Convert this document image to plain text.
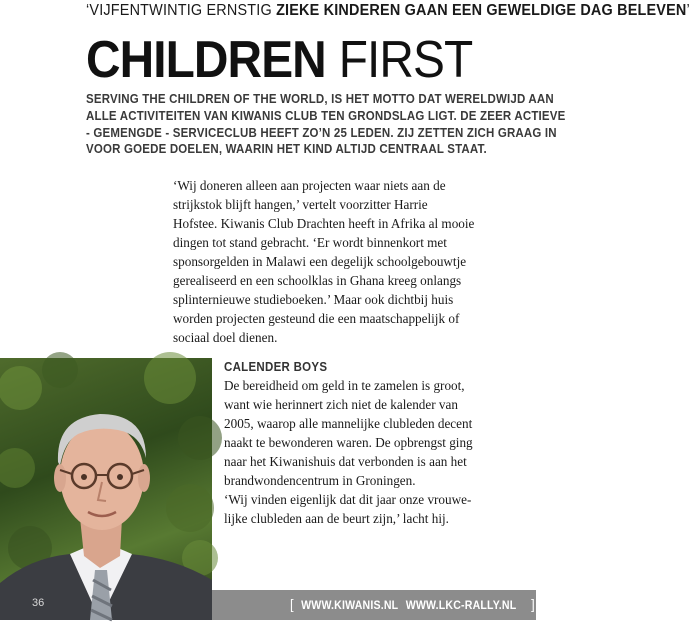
‘VIJFENTWINTIG ERNSTIG ZIEKE KINDEREN GAAN EEN GEWELDIGE DAG BELEVEN’
CHILDREN FIRST
SERVING THE CHILDREN OF THE WORLD, IS HET MOTTO DAT WERELDWIJD AAN
ALLE ACTIVITEITEN VAN KIWANIS CLUB TEN GRONDSLAG LIGT. DE ZEER ACTIEVE
- GEMENGDE - SERVICECLUB HEEFT ZO’N 25 LEDEN. ZIJ ZETTEN ZICH GRAAG IN
VOOR GOEDE DOELEN, WAARIN HET KIND ALTIJD CENTRAAL STAAT.
‘Wij doneren alleen aan projecten waar niets aan de
strijkstok blijft hangen,’ vertelt voorzitter Harrie
Hofstee. Kiwanis Club Drachten heeft in Afrika al mooie
dingen tot stand gebracht. ‘Er wordt binnenkort met
sponsorgelden in Malawi een degelijk schoolgebouwtje
gerealiseerd en een schoolklas in Ghana kreeg onlangs
splinternieuwe studieboeken.’ Maar ook dichtbij huis
worden projecten gesteund die een maatschappelijk of
sociaal doel dienen.
36
CALENDER BOYS
De bereidheid om geld in te zamelen is groot,
want wie herinnert zich niet de kalender van
2005, waarop alle mannelijke clubleden decent
naakt te bewonderen waren. De opbrengst ging
naar het Kiwanishuis dat verbonden is aan het
brandwondencentrum in Groningen.
‘Wij vinden eigenlijk dat dit jaar onze vrouwe-
lijke clubleden aan de beurt zijn,’ lacht hij.
[ WWW.KIWANIS.NL WWW.LKC-RALLY.NL ]
